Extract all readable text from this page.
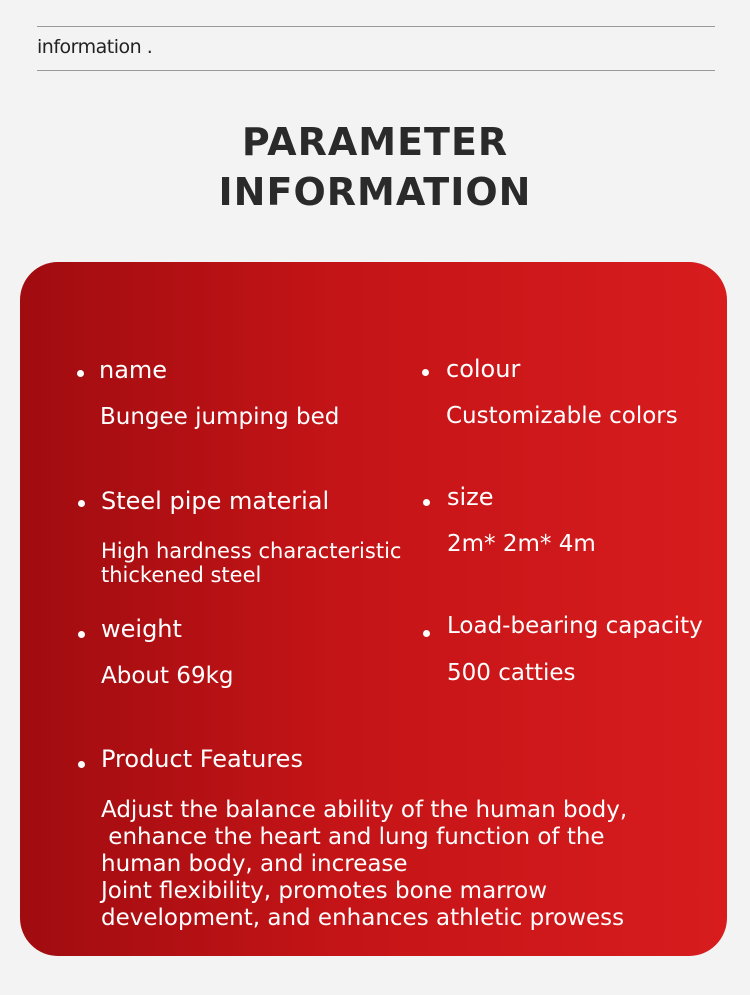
information .
PARAMETER
INFORMATION
name
Bungee jumping bed
colour
Customizable colors
Steel pipe material
High hardness characteristic
thickened steel
size
2m* 2m* 4m
weight
About 69kg
Load-bearing capacity
500 catties
Product Features
Adjust the balance ability of the human body,
enhance the heart and lung function of the
human body, and increase
Joint flexibility, promotes bone marrow
development, and enhances athletic prowess
